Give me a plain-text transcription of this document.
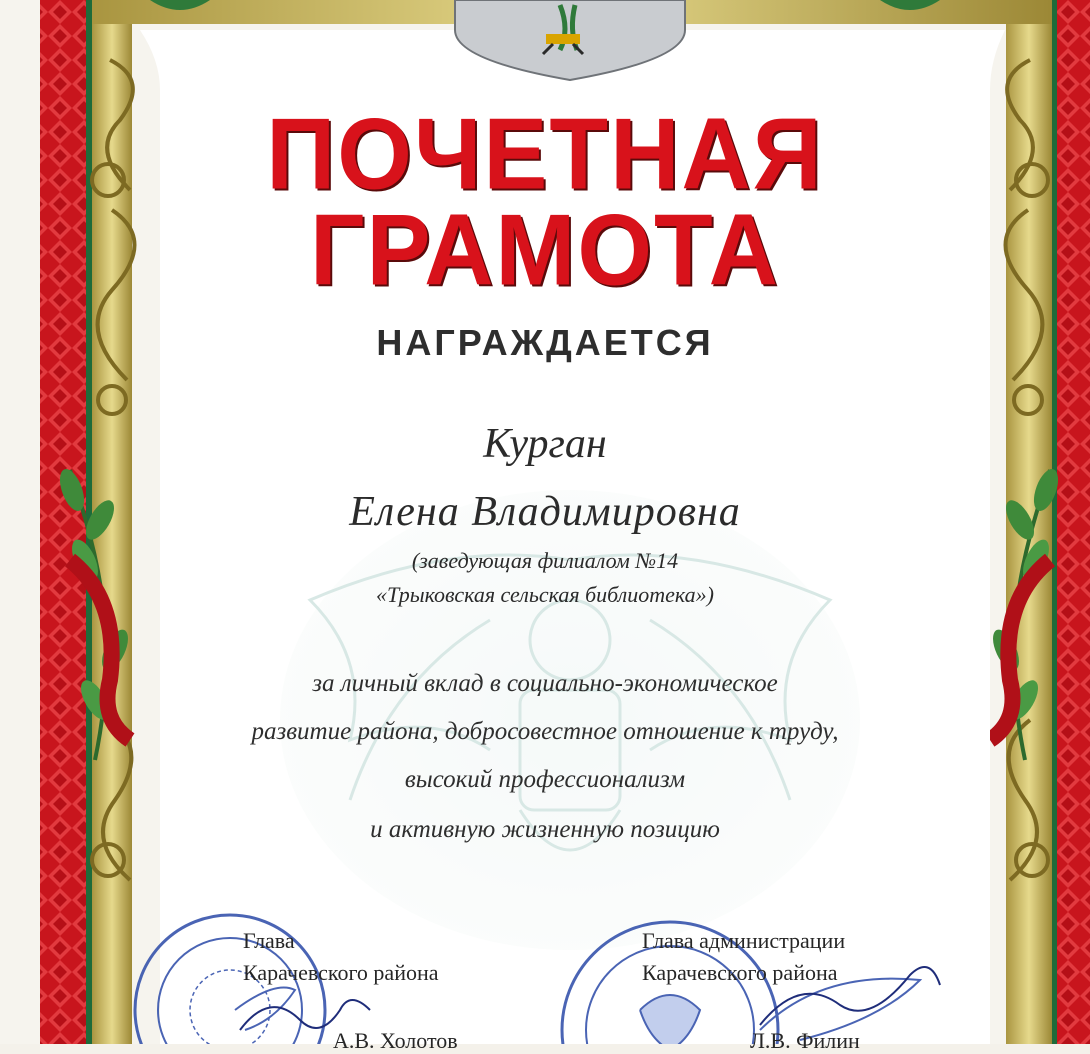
ПОЧЕТНАЯ
ГРАМОТА
НАГРАЖДАЕТСЯ
Курган
Елена Владимировна
(заведующая филиалом №14
«Трыковская сельская библиотека»)
за личный вклад в социально-экономическое
развитие района, добросовестное отношение к труду,
высокий профессионализм
и активную жизненную позицию
Глава
Карачевского района
А.В. Холотов
Глава администрации
Карачевского района
Л.В. Филин
